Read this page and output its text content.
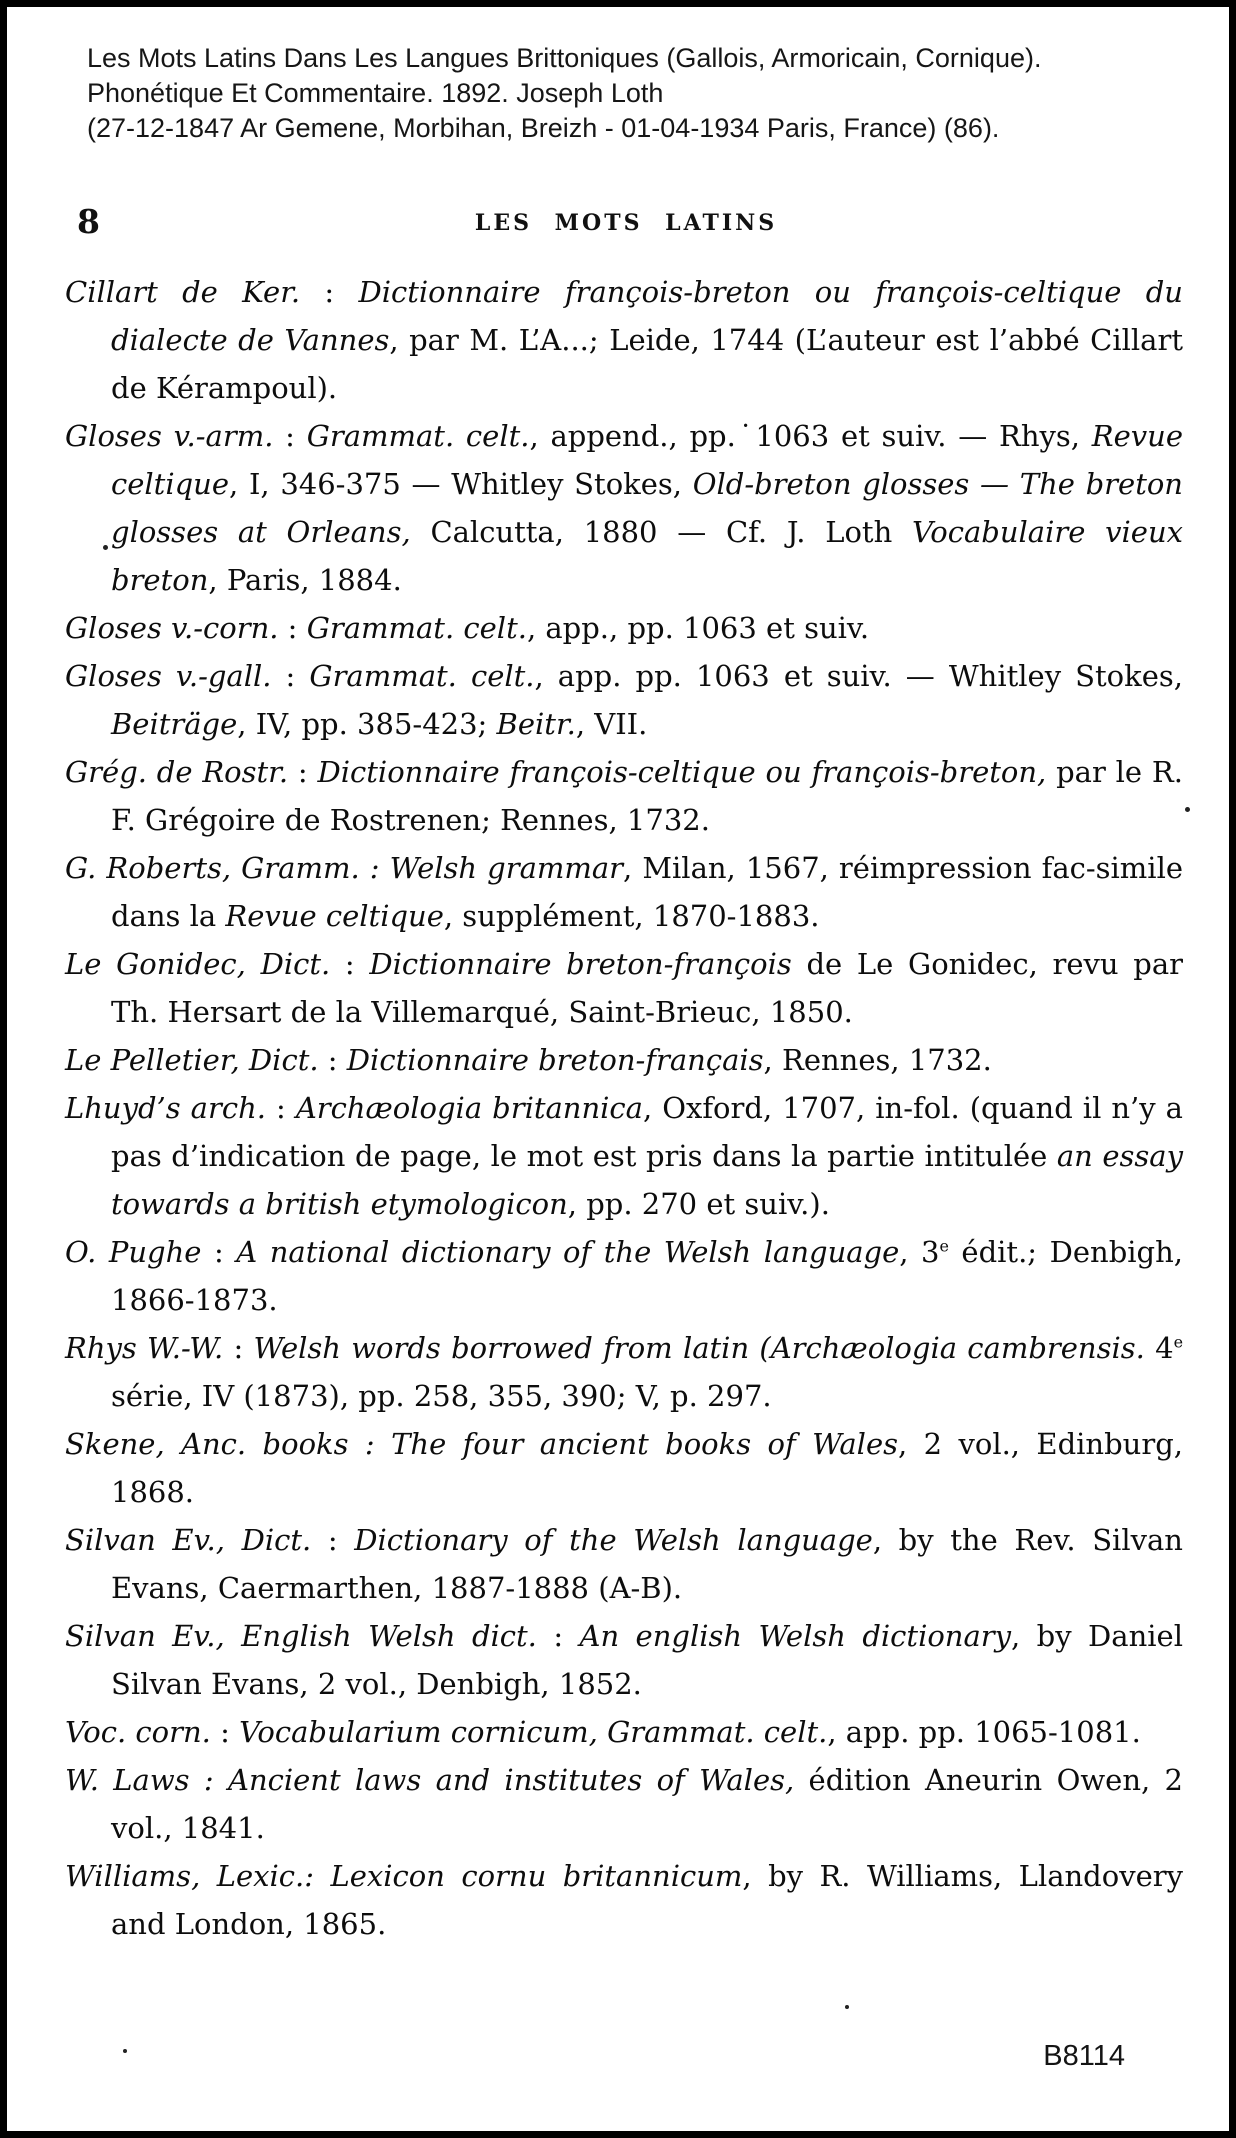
Les Mots Latins Dans Les Langues Brittoniques (Gallois, Armoricain, Cornique).
Phonétique Et Commentaire. 1892. Joseph Loth
(27-12-1847 Ar Gemene, Morbihan, Breizh - 01-04-1934 Paris, France) (86).
8	LES MOTS LATINS

Cillart de Ker. : Dictionnaire françois-breton ou françois-celtique du dialecte de Vannes, par M. L’A...; Leide, 1744 (L’auteur est l’abbé Cillart de Kérampoul).

Gloses v.-arm. : Grammat. celt., append., pp.˙1063 et suiv. — Rhys, Revue celtique, I, 346-375 — Whitley Stokes, Old-breton glosses — The breton glosses at Orleans, Calcutta, 1880 — Cf. J. Loth Vocabulaire vieux breton, Paris, 1884.

Gloses v.-corn. : Grammat. celt., app., pp. 1063 et suiv.

Gloses v.-gall. : Grammat. celt., app. pp. 1063 et suiv. — Whitley Stokes, Beiträge, IV, pp. 385-423; Beitr., VII.

Grég. de Rostr. : Dictionnaire françois-celtique ou françois-breton, par le R. F. Grégoire de Rostrenen; Rennes, 1732.

G. Roberts, Gramm. : Welsh grammar, Milan, 1567, réimpression fac-simile dans la Revue celtique, supplément, 1870-1883.

Le Gonidec, Dict. : Dictionnaire breton-françois de Le Gonidec, revu par Th. Hersart de la Villemarqué, Saint-Brieuc, 1850.

Le Pelletier, Dict. : Dictionnaire breton-français, Rennes, 1732.

Lhuyd’s arch. : Archæologia britannica, Oxford, 1707, in-fol. (quand il n’y a pas d’indication de page, le mot est pris dans la partie intitulée an essay towards a british etymologicon, pp. 270 et suiv.).

O. Pughe : A national dictionary of the Welsh language, 3e édit.; Denbigh, 1866-1873.

Rhys W.-W. : Welsh words borrowed from latin (Archæologia cambrensis. 4e série, IV (1873), pp. 258, 355, 390; V, p. 297.

Skene, Anc. books : The four ancient books of Wales, 2 vol., Edinburg, 1868.

Silvan Ev., Dict. : Dictionary of the Welsh language, by the Rev. Silvan Evans, Caermarthen, 1887-1888 (A-B).

Silvan Ev., English Welsh dict. : An english Welsh dictionary, by Daniel Silvan Evans, 2 vol., Denbigh, 1852.

Voc. corn. : Vocabularium cornicum, Grammat. celt., app. pp. 1065-1081.

W. Laws : Ancient laws and institutes of Wales, édition Aneurin Owen, 2 vol., 1841.

Williams, Lexic.: Lexicon cornu britannicum, by R. Williams, Llandovery and London, 1865.

B8114
